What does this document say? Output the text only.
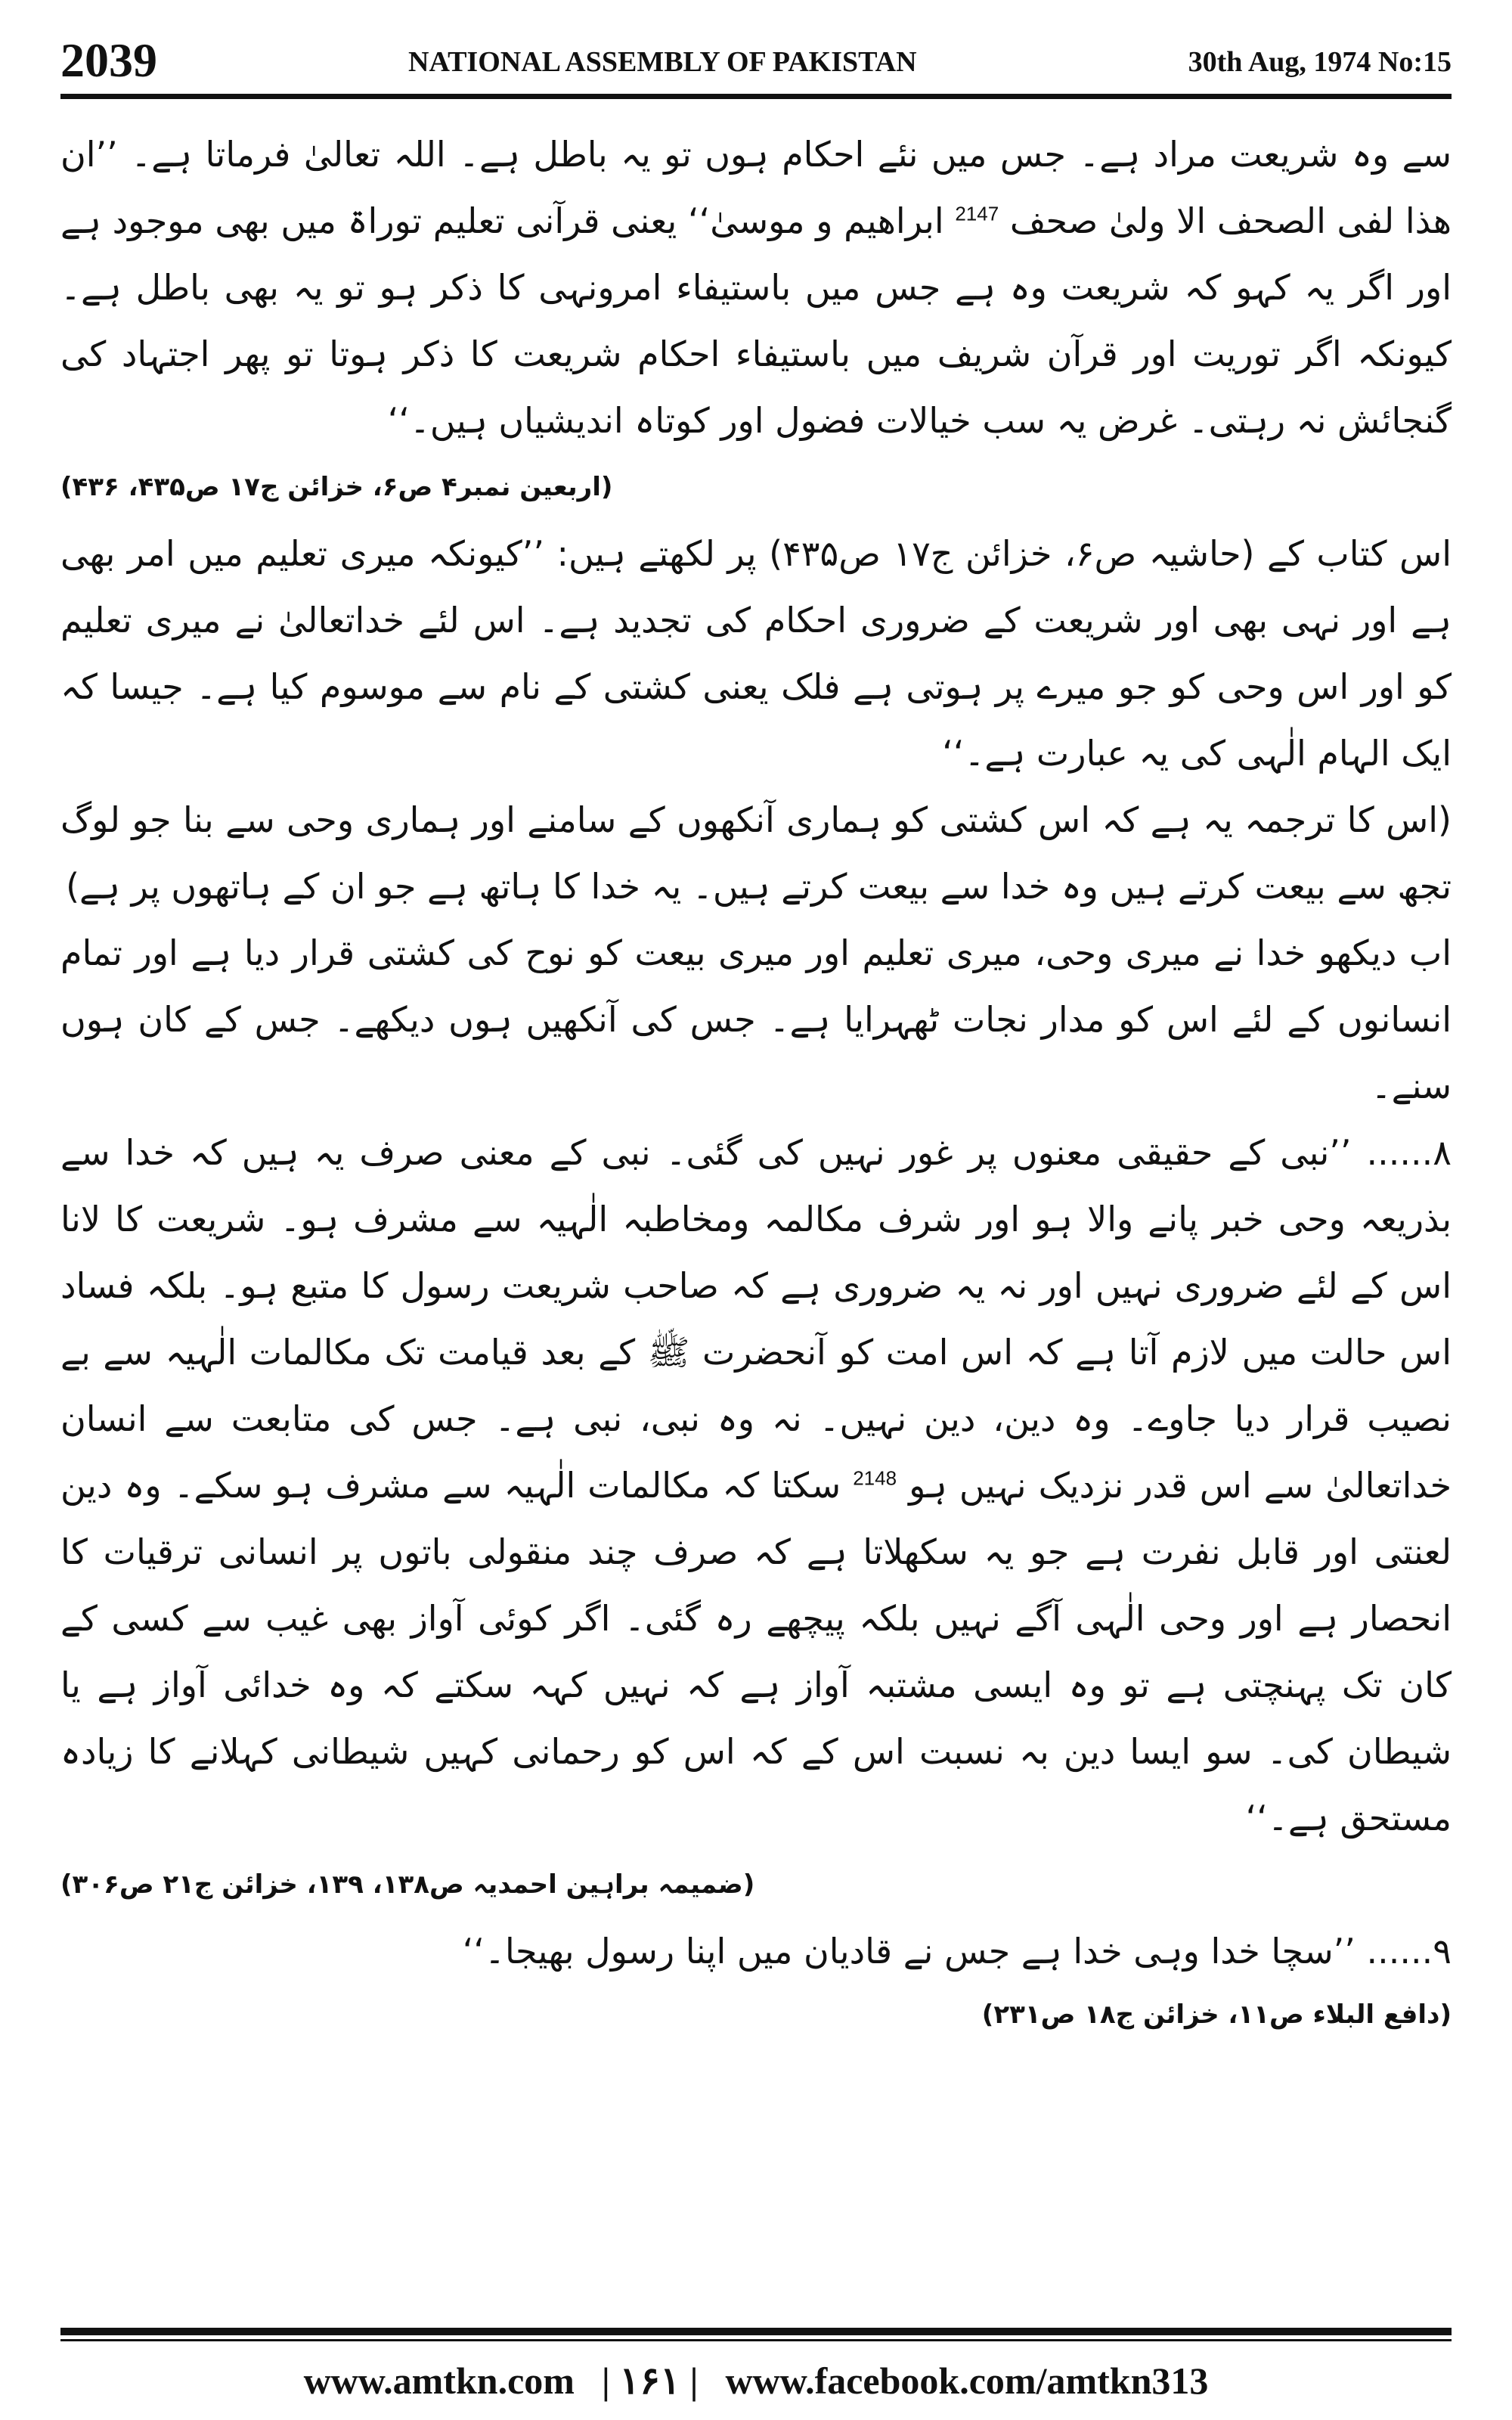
2039	NATIONAL ASSEMBLY OF PAKISTAN	30th Aug, 1974 No:15

سے وہ شریعت مراد ہے۔ جس میں نئے احکام ہوں تو یہ باطل ہے۔ اللہ تعالیٰ فرماتا ہے۔ ’’ان ھذا لفی الصحف الا ولیٰ صحف $^{2147}$ ابراھیم و موسیٰ‘‘ یعنی قرآنی تعلیم توراۃ میں بھی موجود ہے اور اگر یہ کہو کہ شریعت وہ ہے جس میں باستیفاء امرونہی کا ذکر ہو تو یہ بھی باطل ہے۔ کیونکہ اگر توریت اور قرآن شریف میں باستیفاء احکام شریعت کا ذکر ہوتا تو پھر اجتہاد کی گنجائش نہ رہتی۔ غرض یہ سب خیالات فضول اور کوتاہ اندیشیاں ہیں۔‘‘

(اربعین نمبر۴ ص۶، خزائن ج۱۷ ص۴۳۵، ۴۳۶)

اس کتاب کے (حاشیہ ص۶، خزائن ج۱۷ ص۴۳۵) پر لکھتے ہیں: ’’کیونکہ میری تعلیم میں امر بھی ہے اور نہی بھی اور شریعت کے ضروری احکام کی تجدید ہے۔ اس لئے خداتعالیٰ نے میری تعلیم کو اور اس وحی کو جو میرے پر ہوتی ہے فلک یعنی کشتی کے نام سے موسوم کیا ہے۔ جیسا کہ ایک الہام الٰہی کی یہ عبارت ہے۔‘‘

(اس کا ترجمہ یہ ہے کہ اس کشتی کو ہماری آنکھوں کے سامنے اور ہماری وحی سے بنا جو لوگ تجھ سے بیعت کرتے ہیں وہ خدا سے بیعت کرتے ہیں۔ یہ خدا کا ہاتھ ہے جو ان کے ہاتھوں پر ہے)

اب دیکھو خدا نے میری وحی، میری تعلیم اور میری بیعت کو نوح کی کشتی قرار دیا ہے اور تمام انسانوں کے لئے اس کو مدار نجات ٹھہرایا ہے۔ جس کی آنکھیں ہوں دیکھے۔ جس کے کان ہوں سنے۔

۸...... ’’نبی کے حقیقی معنوں پر غور نہیں کی گئی۔ نبی کے معنی صرف یہ ہیں کہ خدا سے بذریعہ وحی خبر پانے والا ہو اور شرف مکالمہ ومخاطبہ الٰہیہ سے مشرف ہو۔ شریعت کا لانا اس کے لئے ضروری نہیں اور نہ یہ ضروری ہے کہ صاحب شریعت رسول کا متبع ہو۔ بلکہ فساد اس حالت میں لازم آتا ہے کہ اس امت کو آنحضرت ﷺ کے بعد قیامت تک مکالمات الٰہیہ سے بے نصیب قرار دیا جاوے۔ وہ دین، دین نہیں۔ نہ وہ نبی، نبی ہے۔ جس کی متابعت سے انسان خداتعالیٰ سے اس قدر نزدیک نہیں ہو $^{2148}$ سکتا کہ مکالمات الٰہیہ سے مشرف ہو سکے۔ وہ دین لعنتی اور قابل نفرت ہے جو یہ سکھلاتا ہے کہ صرف چند منقولی باتوں پر انسانی ترقیات کا انحصار ہے اور وحی الٰہی آگے نہیں بلکہ پیچھے رہ گئی۔ اگر کوئی آواز بھی غیب سے کسی کے کان تک پہنچتی ہے تو وہ ایسی مشتبہ آواز ہے کہ نہیں کہہ سکتے کہ وہ خدائی آواز ہے یا شیطان کی۔ سو ایسا دین بہ نسبت اس کے کہ اس کو رحمانی کہیں شیطانی کہلانے کا زیادہ مستحق ہے۔‘‘

(ضمیمہ براہین احمدیہ ص۱۳۸، ۱۳۹، خزائن ج۲۱ ص۳۰۶)

۹...... ’’سچا خدا وہی خدا ہے جس نے قادیان میں اپنا رسول بھیجا۔‘‘

(دافع البلاء ص۱۱، خزائن ج۱۸ ص۲۳۱)
www.amtkn.com | ۱۶۱ | www.facebook.com/amtkn313
